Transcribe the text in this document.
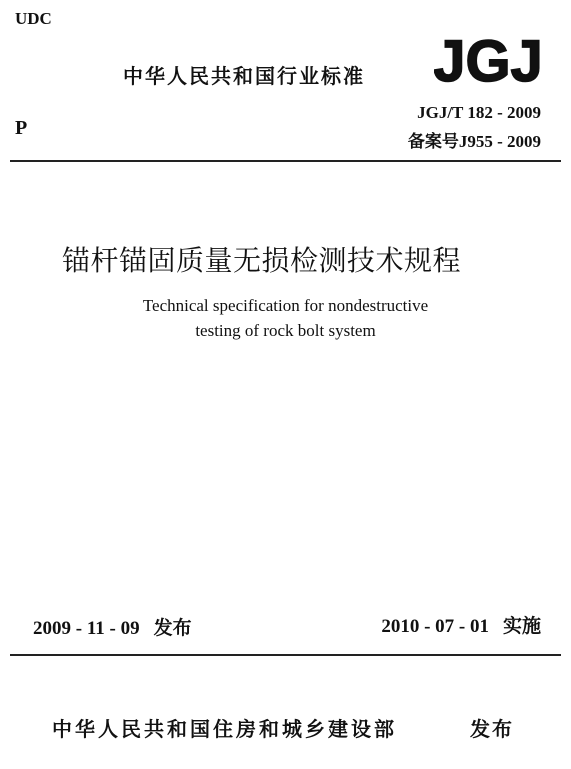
UDC
中华人民共和国行业标准 JGJ
JGJ/T 182 - 2009
P
备案号J955 - 2009
锚杆锚固质量无损检测技术规程
Technical specification for nondestructive
testing of rock bolt system
2009 - 11 - 09 发布	2010 - 07 - 01 实施
中华人民共和国住房和城乡建设部	发布
